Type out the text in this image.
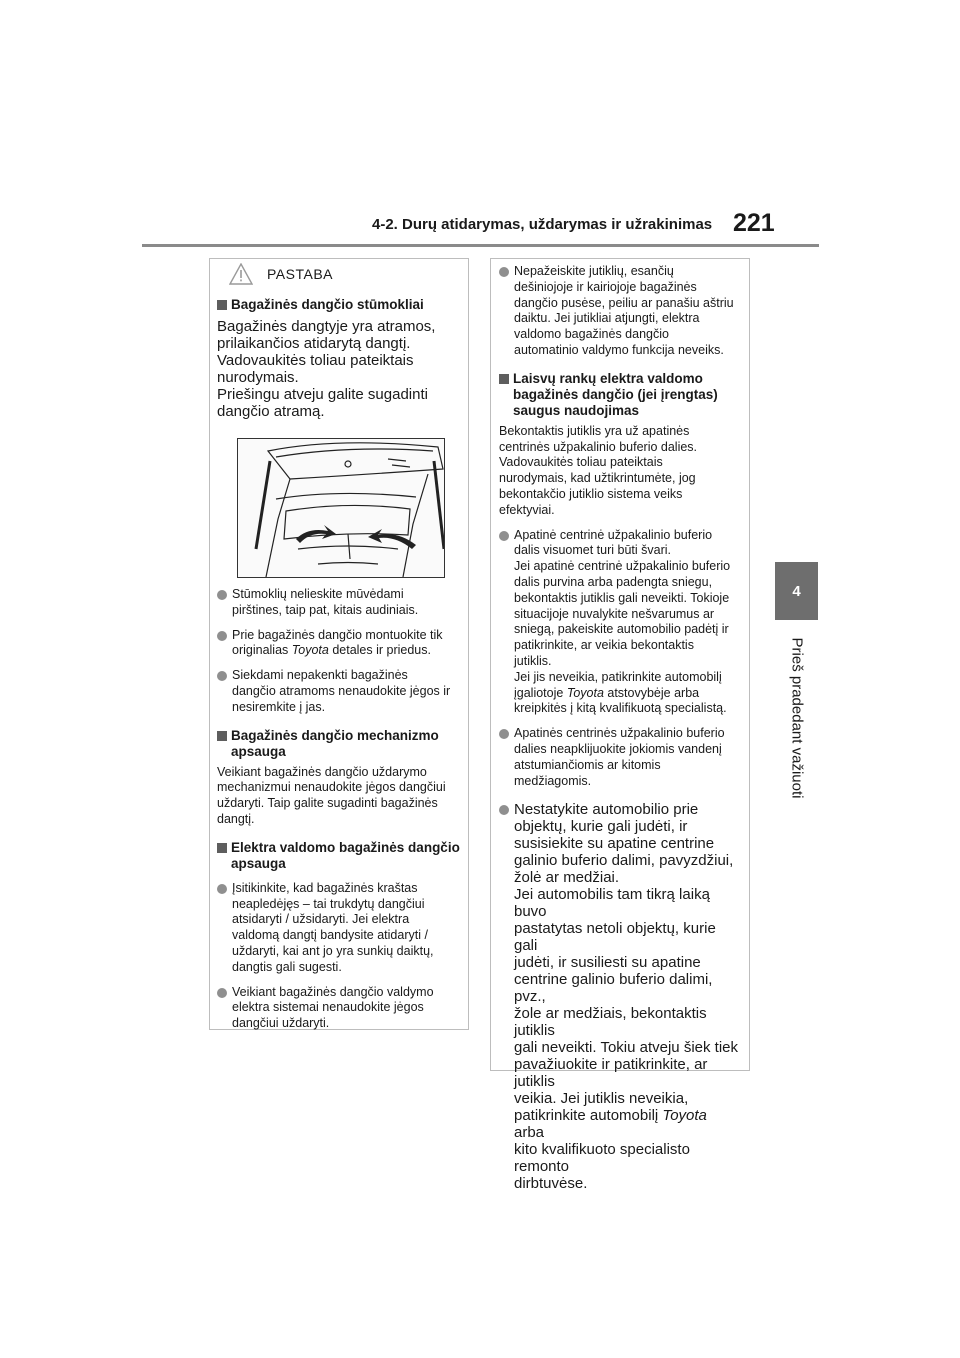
4-2. Durų atidarymas, uždarymas ir užrakinimas 221
4
Prieš pradedant važiuoti
PASTABA
Bagažinės dangčio stūmokliai
Bagažinės dangtyje yra atramos,
prilaikančios atidarytą dangtį.
Vadovaukitės toliau pateiktais
nurodymais.
Priešingu atveju galite sugadinti
dangčio atramą.
Stūmoklių nelieskite mūvėdami
pirštines, taip pat, kitais audiniais.
Prie bagažinės dangčio montuokite tik
originalias Toyota detales ir priedus.
Siekdami nepakenkti bagažinės
dangčio atramoms nenaudokite jėgos ir
nesiremkite į jas.
Bagažinės dangčio mechanizmo
apsauga
Veikiant bagažinės dangčio uždarymo
mechanizmui nenaudokite jėgos dangčiui
uždaryti. Taip galite sugadinti bagažinės
dangtį.
Elektra valdomo bagažinės dangčio
apsauga
Įsitikinkite, kad bagažinės kraštas
neapledėjęs – tai trukdytų dangčiui
atsidaryti / užsidaryti. Jei elektra
valdomą dangtį bandysite atidaryti /
uždaryti, kai ant jo yra sunkių daiktų,
dangtis gali sugesti.
Veikiant bagažinės dangčio valdymo
elektra sistemai nenaudokite jėgos
dangčiui uždaryti.
Nepažeiskite jutiklių, esančių
dešiniojoje ir kairiojoje bagažinės
dangčio pusėse, peiliu ar panašiu aštriu
daiktu. Jei jutikliai atjungti, elektra
valdomo bagažinės dangčio
automatinio valdymo funkcija neveiks.
Laisvų rankų elektra valdomo
bagažinės dangčio (jei įrengtas)
saugus naudojimas
Bekontaktis jutiklis yra už apatinės
centrinės užpakalinio buferio dalies.
Vadovaukitės toliau pateiktais
nurodymais, kad užtikrintumėte, jog
bekontakčio jutiklio sistema veiks
efektyviai.
Apatinė centrinė užpakalinio buferio
dalis visuomet turi būti švari.
Jei apatinė centrinė užpakalinio buferio
dalis purvina arba padengta sniegu,
bekontaktis jutiklis gali neveikti. Tokioje
situacijoje nuvalykite nešvarumus ar
sniegą, pakeiskite automobilio padėtį ir
patikrinkite, ar veikia bekontaktis
jutiklis.
Jei jis neveikia, patikrinkite automobilį
įgaliotoje Toyota atstovybėje arba
kreipkitės į kitą kvalifikuotą specialistą.
Apatinės centrinės užpakalinio buferio
dalies neapklijuokite jokiomis vandenį
atstumiančiomis ar kitomis
medžiagomis.
Nestatykite automobilio prie
objektų, kurie gali judėti, ir
susisiekite su apatine centrine
galinio buferio dalimi, pavyzdžiui,
žolė ar medžiai.
Jei automobilis tam tikrą laiką buvo
pastatytas netoli objektų, kurie gali
judėti, ir susiliesti su apatine
centrine galinio buferio dalimi, pvz.,
žole ar medžiais, bekontaktis jutiklis
gali neveikti. Tokiu atveju šiek tiek
pavažiuokite ir patikrinkite, ar jutiklis
veikia. Jei jutiklis neveikia,
patikrinkite automobilį Toyota arba
kito kvalifikuoto specialisto remonto
dirbtuvėse.
